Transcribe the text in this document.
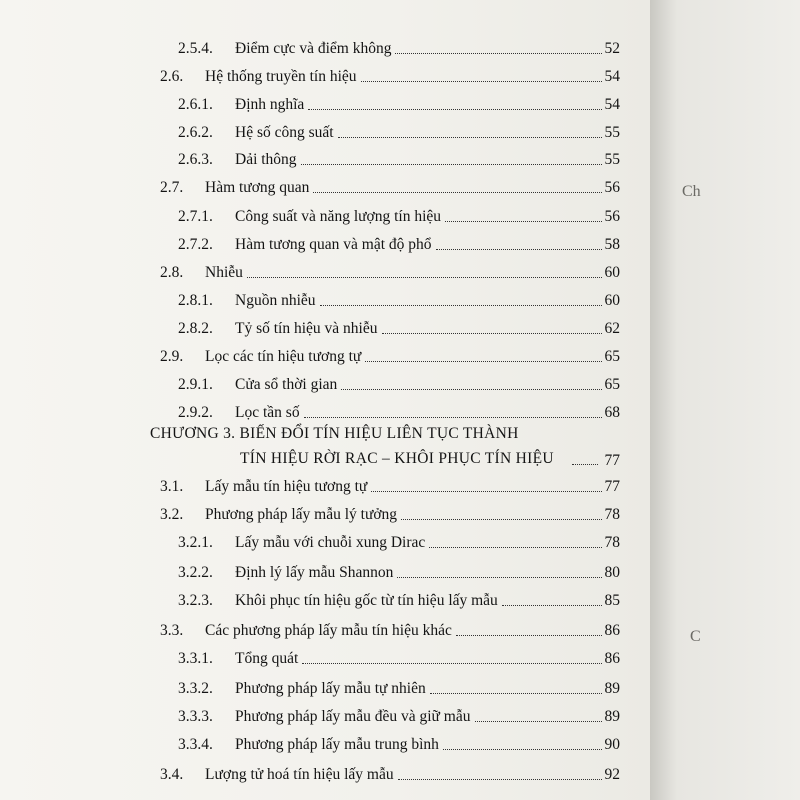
2.5.4. Điểm cực và điểm không	52
2.6. Hệ thống truyền tín hiệu	54
2.6.1. Định nghĩa	54
2.6.2. Hệ số công suất	55
2.6.3. Dải thông	55
2.7. Hàm tương quan	56
2.7.1. Công suất và năng lượng tín hiệu	56
2.7.2. Hàm tương quan và mật độ phổ	58
2.8. Nhiễu	60
2.8.1. Nguồn nhiễu	60
2.8.2. Tỷ số tín hiệu và nhiễu	62
2.9. Lọc các tín hiệu tương tự	65
2.9.1. Cửa sổ thời gian	65
2.9.2. Lọc tần số	68
CHƯƠNG 3. BIẾN ĐỔI TÍN HIỆU LIÊN TỤC THÀNH
TÍN HIỆU RỜI RẠC – KHÔI PHỤC TÍN HIỆU	77
3.1. Lấy mẫu tín hiệu tương tự	77
3.2. Phương pháp lấy mẫu lý tưởng	78
3.2.1. Lấy mẫu với chuỗi xung Dirac	78
3.2.2. Định lý lấy mẫu Shannon	80
3.2.3. Khôi phục tín hiệu gốc từ tín hiệu lấy mẫu	85
3.3. Các phương pháp lấy mẫu tín hiệu khác	86
3.3.1. Tổng quát	86
3.3.2. Phương pháp lấy mẫu tự nhiên	89
3.3.3. Phương pháp lấy mẫu đều và giữ mẫu	89
3.3.4. Phương pháp lấy mẫu trung bình	90
3.4. Lượng tử hoá tín hiệu lấy mẫu	92
Ch
C
